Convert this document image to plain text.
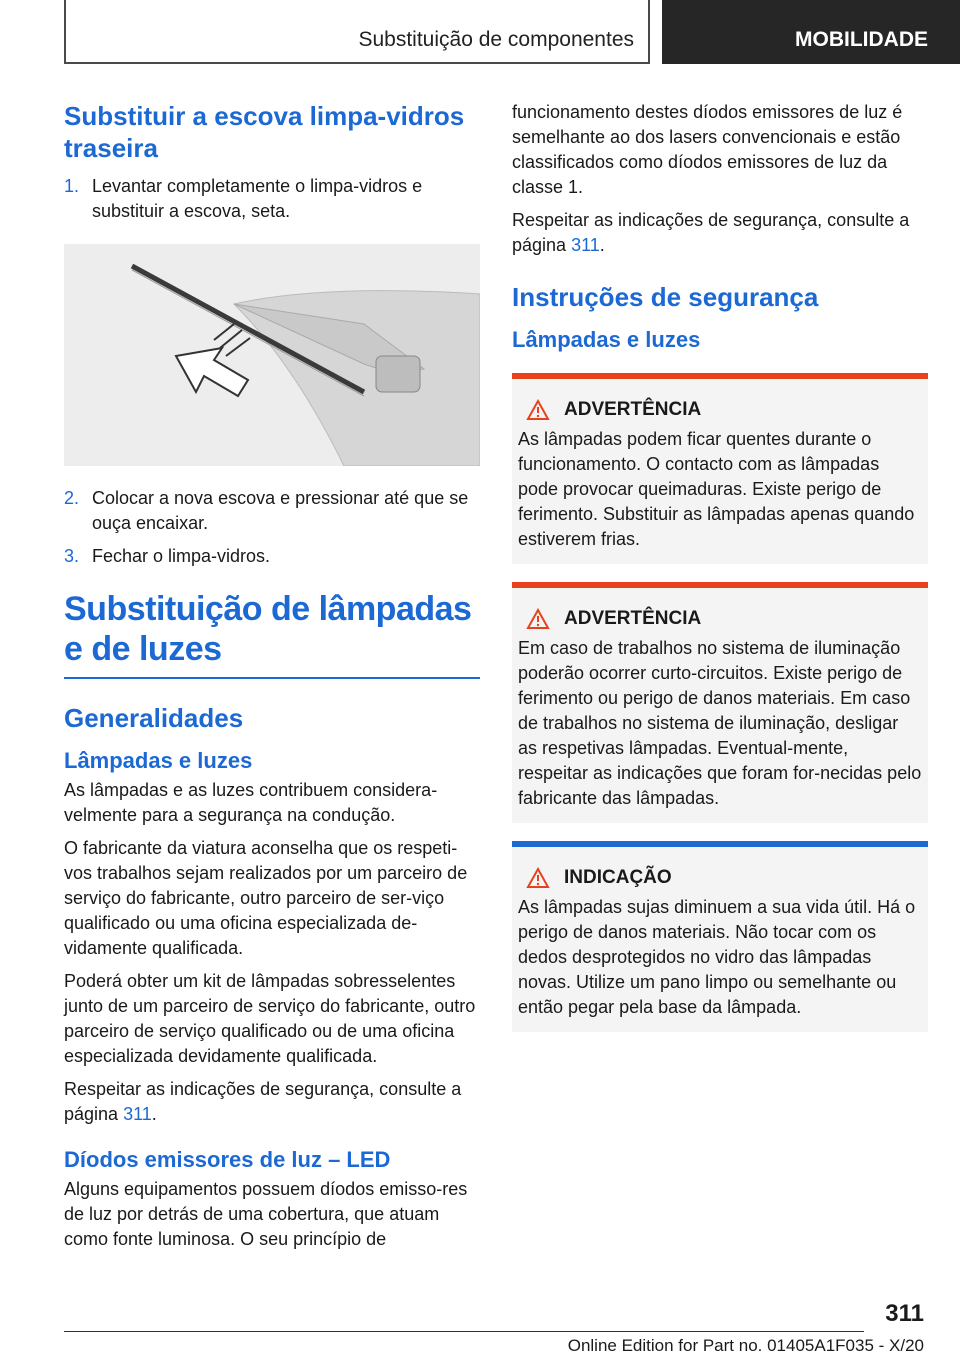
Substituição de componentes	MOBILIDADE
Substituir a escova limpa-vidros traseira
1. Levantar completamente o limpa-vidros e substituir a escova, seta.
2. Colocar a nova escova e pressionar até que se ouça encaixar.
3. Fechar o limpa-vidros.
Substituição de lâmpadas e de luzes
Generalidades
Lâmpadas e luzes

As lâmpadas e as luzes contribuem considera-velmente para a segurança na condução.

O fabricante da viatura aconselha que os respeti-vos trabalhos sejam realizados por um parceiro de serviço do fabricante, outro parceiro de ser-viço qualificado ou uma oficina especializada de-vidamente qualificada.

Poderá obter um kit de lâmpadas sobresselentes junto de um parceiro de serviço do fabricante, outro parceiro de serviço qualificado ou de uma oficina especializada devidamente qualificada.

Respeitar as indicações de segurança, consulte a página 311.

Díodos emissores de luz – LED

Alguns equipamentos possuem díodos emisso-res de luz por detrás de uma cobertura, que atuam como fonte luminosa. O seu princípio de

funcionamento destes díodos emissores de luz é semelhante ao dos lasers convencionais e estão classificados como díodos emissores de luz da classe 1.

Respeitar as indicações de segurança, consulte a página 311.

Instruções de segurança
Lâmpadas e luzes
ADVERTÊNCIA

As lâmpadas podem ficar quentes durante o funcionamento. O contacto com as lâmpadas pode provocar queimaduras. Existe perigo de ferimento. Substituir as lâmpadas apenas quando estiverem frias.

ADVERTÊNCIA

Em caso de trabalhos no sistema de iluminação poderão ocorrer curto-circuitos. Existe perigo de ferimento ou perigo de danos materiais. Em caso de trabalhos no sistema de iluminação, desligar as respetivas lâmpadas. Eventual-mente, respeitar as indicações que foram for-necidas pelo fabricante das lâmpadas.

INDICAÇÃO

As lâmpadas sujas diminuem a sua vida útil. Há o perigo de danos materiais. Não tocar com os dedos desprotegidos no vidro das lâmpadas novas. Utilize um pano limpo ou semelhante ou então pegar pela base da lâmpada.

311
Online Edition for Part no. 01405A1F035 - X/20
